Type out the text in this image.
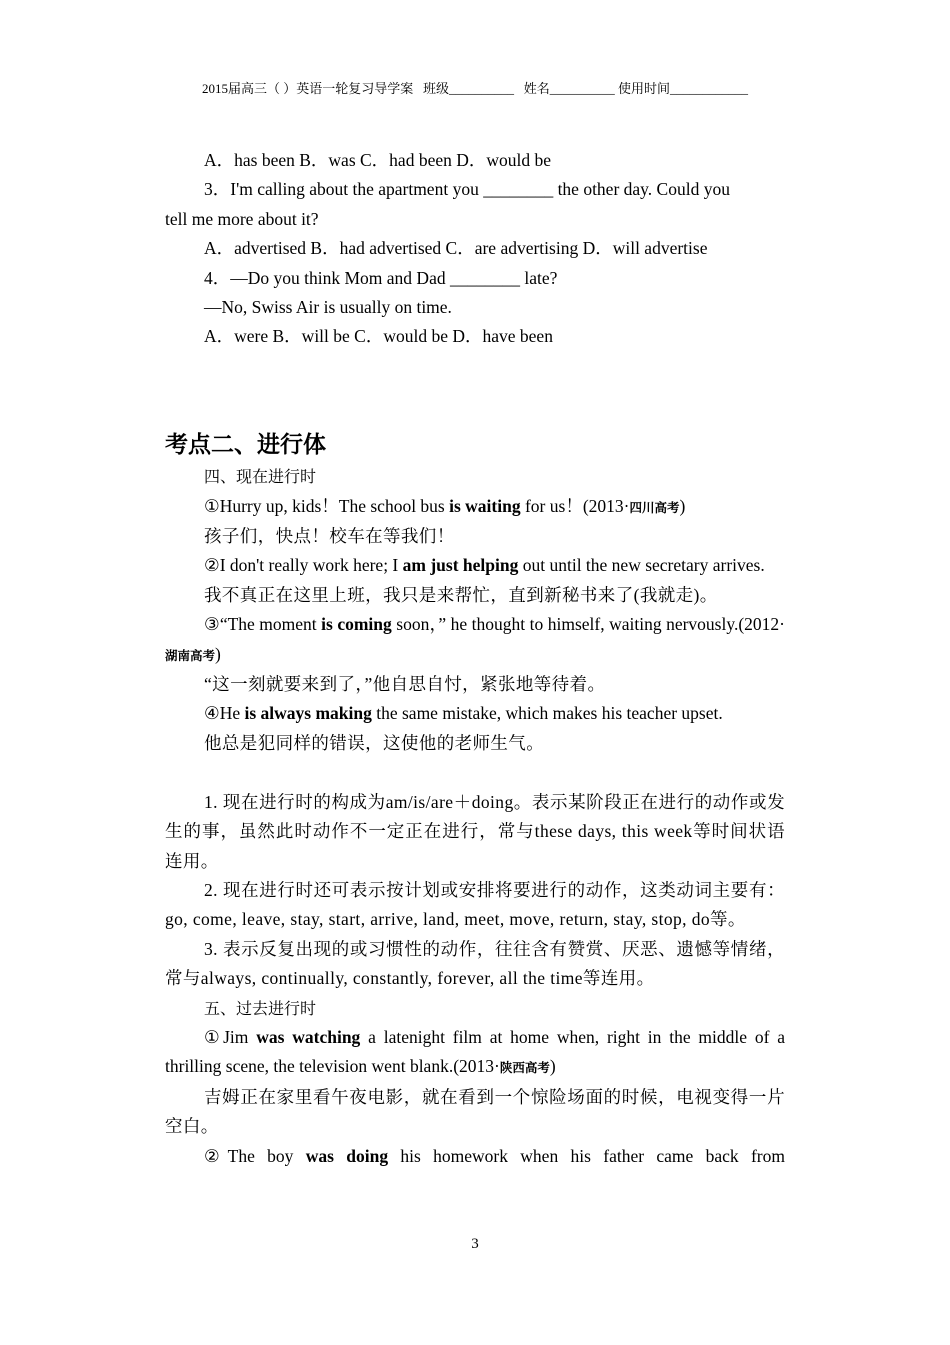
2015届高三（ ）英语一轮复习导学案   班级__________   姓名__________ 使用时间____________

A．has been B．was C．had been D．would be

3．I'm calling about the apartment you ________ the other day. Could you

tell me more about it?

A．advertised B．had advertised C．are advertising D．will advertise

4．—Do you think Mom and Dad ________ late?

—No, Swiss Air is usually on time.

A．were B．will be C．would be D．have been

考点二、进行体

四、现在进行时

①Hurry up, kids！The school bus is waiting for us！(2013·四川高考)

孩子们，快点！校车在等我们！

②I don't really work here; I am just helping out until the new secretary arrives.

我不真正在这里上班，我只是来帮忙，直到新秘书来了(我就走)。

③“The moment is coming soon，” he thought to himself, waiting nervously.(2012·湖南高考)

“这一刻就要来到了，”他自思自忖，紧张地等待着。

④He is always making the same mistake, which makes his teacher upset.

他总是犯同样的错误，这使他的老师生气。

1. 现在进行时的构成为am/is/are＋doing。表示某阶段正在进行的动作或发生的事，虽然此时动作不一定正在进行，常与these days, this week等时间状语连用。

2. 现在进行时还可表示按计划或安排将要进行的动作，这类动词主要有：go, come, leave, stay, start, arrive, land, meet, move, return, stay, stop, do等。

3. 表示反复出现的或习惯性的动作，往往含有赞赏、厌恶、遗憾等情绪，常与always, continually, constantly, forever, all the time等连用。

五、过去进行时

①Jim was watching a latenight film at home when, right in the middle of a thrilling scene, the television went blank.(2013·陕西高考)

吉姆正在家里看午夜电影，就在看到一个惊险场面的时候，电视变得一片空白。

②The boy was doing his homework when his father came back from

3
